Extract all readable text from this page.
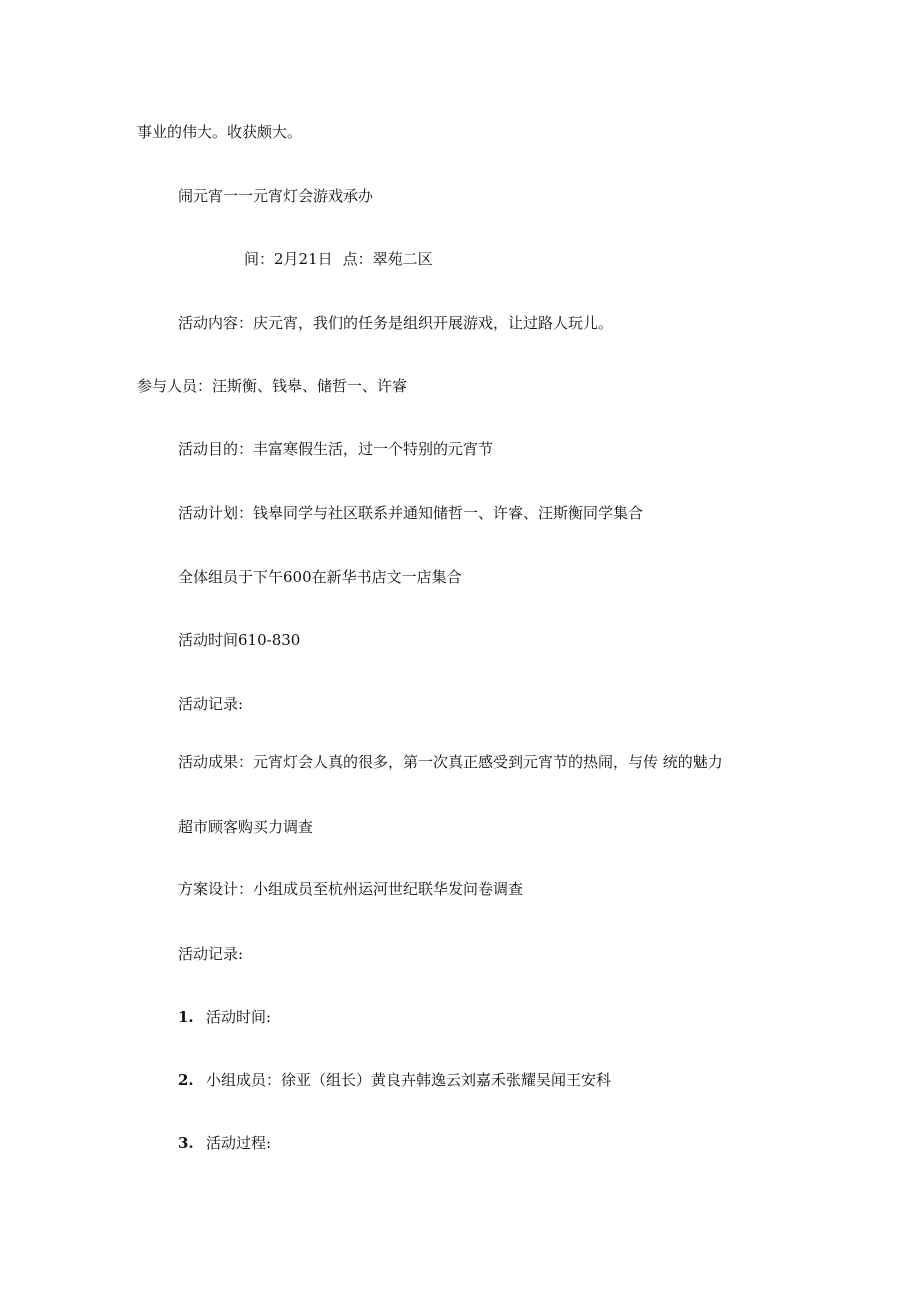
事业的伟大。收获颇大。
闹元宵一一元宵灯会游戏承办
间：2月21日 点：翠苑二区
活动内容：庆元宵，我们的任务是组织开展游戏，让过路人玩儿。
参与人员：汪斯衡、钱皋、储哲一、许睿
活动目的：丰富寒假生活，过一个特别的元宵节
活动计划：钱皋同学与社区联系并通知储哲一、许睿、汪斯衡同学集合
全体组员于下午600在新华书店文一店集合
活动时间610-830
活动记录:
活动成果：元宵灯会人真的很多，第一次真正感受到元宵节的热闹，与传 统的魅力
超市顾客购买力调查
方案设计：小组成员至杭州运河世纪联华发问卷调查
活动记录:
1. 活动时间:
2. 小组成员：徐亚（组长）黄良卉韩逸云刘嘉禾张耀吴闻王安科
3. 活动过程:
